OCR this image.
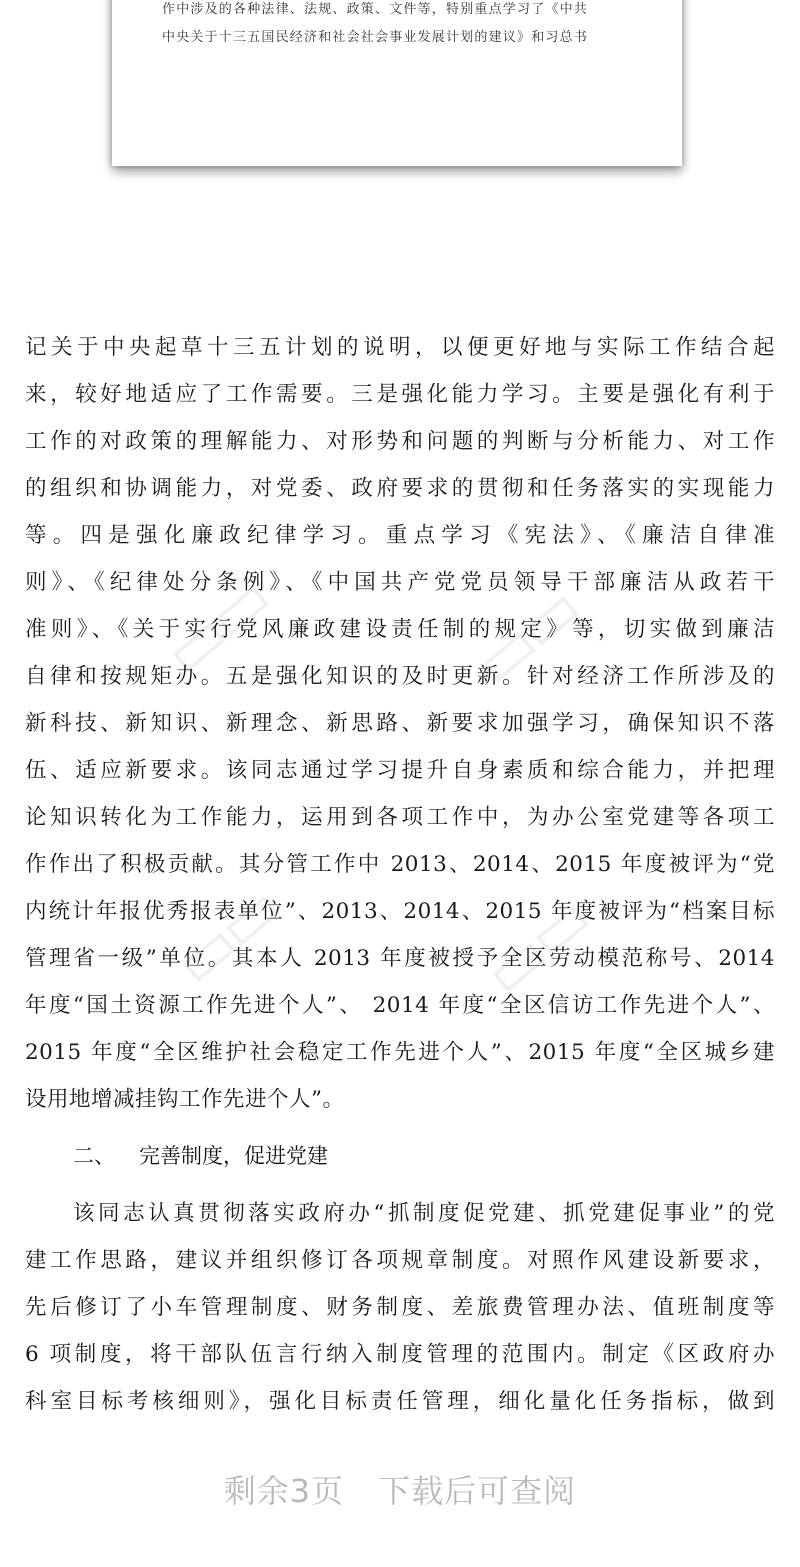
作中涉及的各种法律、法规、政策、文件等，特别重点学习了《中共
中央关于十三五国民经济和社会社会事业发展计划的建议》和习总书
▭▭	▭▭
▭▭	▭▭
记关于中央起草十三五计划的说明，以便更好地与实际工作结合起
来，较好地适应了工作需要。三是强化能力学习。主要是强化有利于
工作的对政策的理解能力、对形势和问题的判断与分析能力、对工作
的组织和协调能力，对党委、政府要求的贯彻和任务落实的实现能力
等。四是强化廉政纪律学习。重点学习《宪法》、《廉洁自律准
则》、《纪律处分条例》、《中国共产党党员领导干部廉洁从政若干
准则》、《关于实行党风廉政建设责任制的规定》等，切实做到廉洁
自律和按规矩办。五是强化知识的及时更新。针对经济工作所涉及的
新科技、新知识、新理念、新思路、新要求加强学习，确保知识不落
伍、适应新要求。该同志通过学习提升自身素质和综合能力，并把理
论知识转化为工作能力，运用到各项工作中，为办公室党建等各项工
作作出了积极贡献。其分管工作中 2013、2014、2015 年度被评为“党
内统计年报优秀报表单位”、2013、2014、2015 年度被评为“档案目标
管理省一级”单位。其本人 2013 年度被授予全区劳动模范称号、2014
年度“国土资源工作先进个人”、 2014 年度“全区信访工作先进个人”、
2015 年度“全区维护社会稳定工作先进个人”、2015 年度“全区城乡建
设用地增减挂钩工作先进个人”。
二、 完善制度，促进党建
该同志认真贯彻落实政府办“抓制度促党建、抓党建促事业”的党
建工作思路，建议并组织修订各项规章制度。对照作风建设新要求，
先后修订了小车管理制度、财务制度、差旅费管理办法、值班制度等
6 项制度，将干部队伍言行纳入制度管理的范围内。制定《区政府办
科室目标考核细则》，强化目标责任管理，细化量化任务指标，做到
剩余3页 下载后可查阅
